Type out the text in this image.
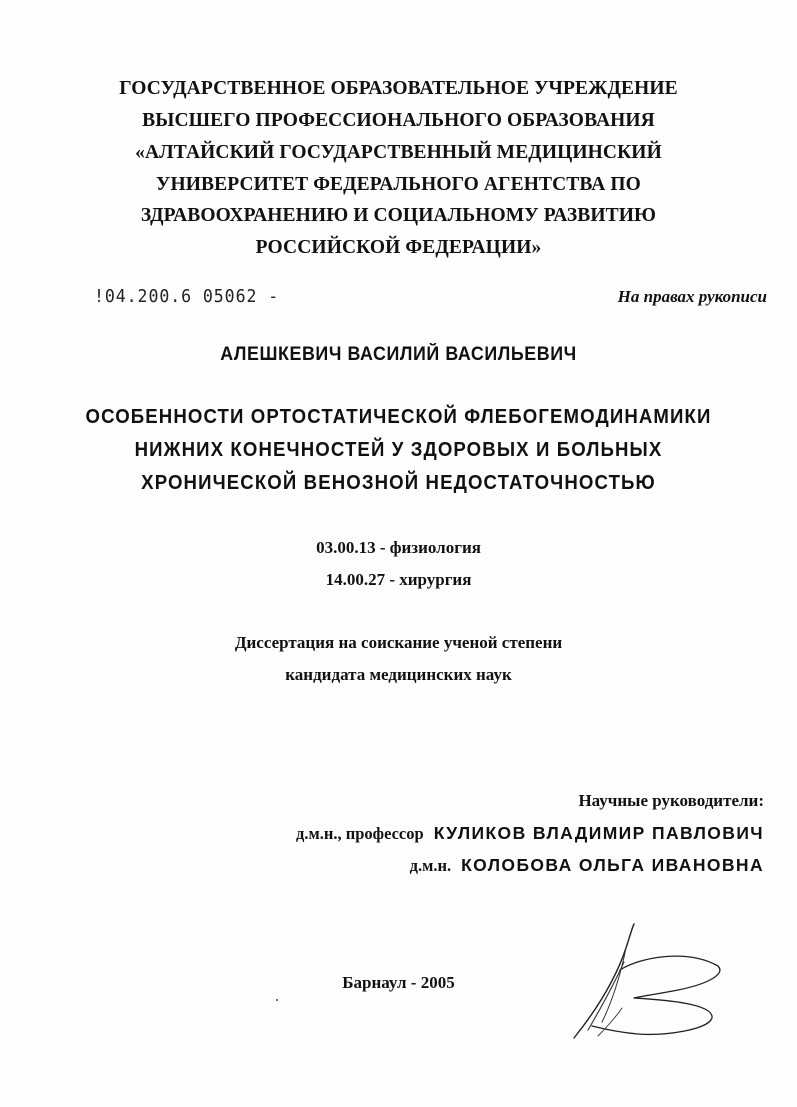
ГОСУДАРСТВЕННОЕ ОБРАЗОВАТЕЛЬНОЕ УЧРЕЖДЕНИЕ
ВЫСШЕГО ПРОФЕССИОНАЛЬНОГО ОБРАЗОВАНИЯ
«АЛТАЙСКИЙ ГОСУДАРСТВЕННЫЙ МЕДИЦИНСКИЙ
УНИВЕРСИТЕТ ФЕДЕРАЛЬНОГО АГЕНТСТВА ПО
ЗДРАВООХРАНЕНИЮ И СОЦИАЛЬНОМУ РАЗВИТИЮ
РОССИЙСКОЙ ФЕДЕРАЦИИ»
!04.200.6 05062 -	На правах рукописи
АЛЕШКЕВИЧ ВАСИЛИЙ ВАСИЛЬЕВИЧ
ОСОБЕННОСТИ ОРТОСТАТИЧЕСКОЙ ФЛЕБОГЕМОДИНАМИКИ
НИЖНИХ КОНЕЧНОСТЕЙ У ЗДОРОВЫХ И БОЛЬНЫХ
ХРОНИЧЕСКОЙ ВЕНОЗНОЙ НЕДОСТАТОЧНОСТЬЮ
03.00.13 - физиология
14.00.27 - хирургия
Диссертация на соискание ученой степени
кандидата медицинских наук
Научные руководители:
д.м.н., профессор КУЛИКОВ ВЛАДИМИР ПАВЛОВИЧ
д.м.н. КОЛОБОВА ОЛЬГА ИВАНОВНА
Барнаул - 2005
